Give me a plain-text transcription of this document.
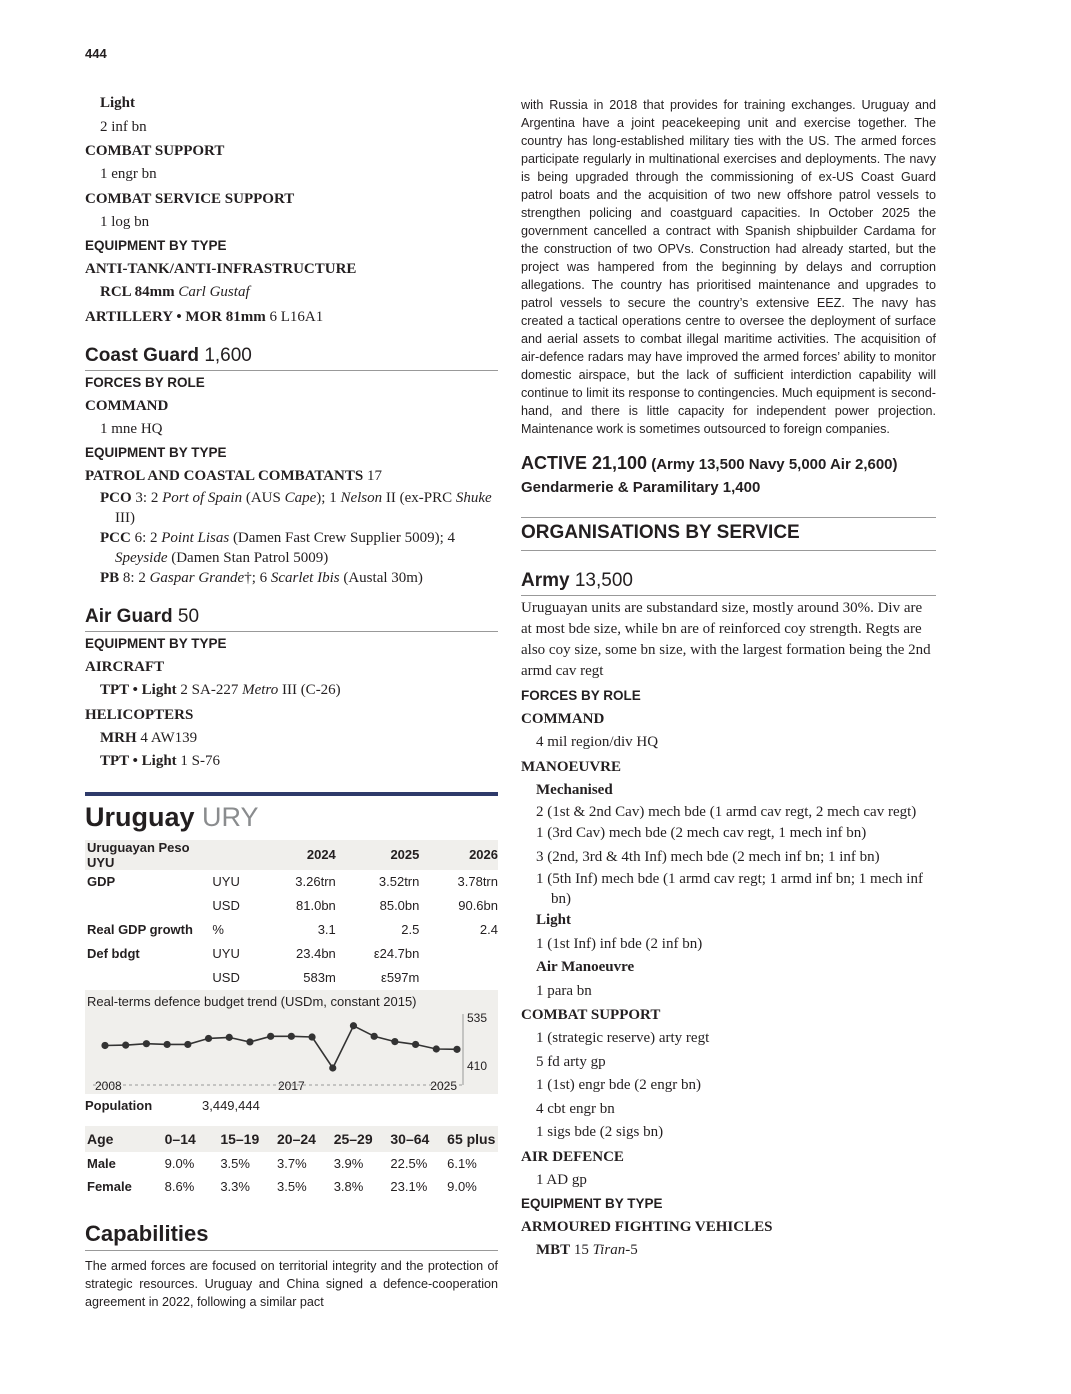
444
Light
2 inf bn
COMBAT SUPPORT
1 engr bn
COMBAT SERVICE SUPPORT
1 log bn
EQUIPMENT BY TYPE
ANTI-TANK/ANTI-INFRASTRUCTURE
RCL 84mm Carl Gustaf
ARTILLERY • MOR 81mm 6 L16A1
Coast Guard 1,600
FORCES BY ROLE
COMMAND
1 mne HQ
EQUIPMENT BY TYPE
PATROL AND COASTAL COMBATANTS 17
PCO 3: 2 Port of Spain (AUS Cape); 1 Nelson II (ex-PRC Shuke III)
PCC 6: 2 Point Lisas (Damen Fast Crew Supplier 5009); 4 Speyside (Damen Stan Patrol 5009)
PB 8: 2 Gaspar Grande†; 6 Scarlet Ibis (Austal 30m)
Air Guard 50
EQUIPMENT BY TYPE
AIRCRAFT
TPT • Light 2 SA-227 Metro III (C-26)
HELICOPTERS
MRH 4 AW139
TPT • Light 1 S-76
Uruguay URY
Uruguayan Peso UYU		2024	2025	2026
GDP	UYU	3.26trn	3.52trn	3.78trn
	USD	81.0bn	85.0bn	90.6bn
Real GDP growth	%	3.1	2.5	2.4
Def bdgt	UYU	23.4bn	ε24.7bn	
	USD	583m	ε597m	
Real-terms defence budget trend (USDm, constant 2015)
2008	2017	2025
535
410
Population	3,449,444
Age	0–14	15–19	20–24	25–29	30–64	65 plus
Male	9.0%	3.5%	3.7%	3.9%	22.5%	6.1%
Female	8.6%	3.3%	3.5%	3.8%	23.1%	9.0%
Capabilities
The armed forces are focused on territorial integrity and the protection of strategic resources. Uruguay and China signed a defence-cooperation agreement in 2022, following a similar pact
with Russia in 2018 that provides for training exchanges. Uruguay and Argentina have a joint peacekeeping unit and exercise together. The country has long-established military ties with the US. The armed forces participate regularly in multinational exercises and deployments. The navy is being upgraded through the commissioning of ex-US Coast Guard patrol boats and the acquisition of two new offshore patrol vessels to strengthen policing and coastguard capacities. In October 2025 the government cancelled a contract with Spanish shipbuilder Cardama for the construction of two OPVs. Construction had already started, but the project was hampered from the beginning by delays and corruption allegations. The country has prioritised maintenance and upgrades to patrol vessels to secure the country’s extensive EEZ. The navy has created a tactical operations centre to oversee the deployment of surface and aerial assets to combat illegal maritime activities. The acquisition of air-defence radars may have improved the armed forces’ ability to monitor domestic airspace, but the lack of sufficient interdiction capability will continue to limit its response to contingencies. Much equipment is second-hand, and there is little capacity for independent power projection. Maintenance work is sometimes outsourced to foreign companies.
ACTIVE 21,100 (Army 13,500 Navy 5,000 Air 2,600)
Gendarmerie & Paramilitary 1,400
ORGANISATIONS BY SERVICE
Army 13,500
Uruguayan units are substandard size, mostly around 30%. Div are at most bde size, while bn are of reinforced coy strength. Regts are also coy size, some bn size, with the largest formation being the 2nd armd cav regt
FORCES BY ROLE
COMMAND
4 mil region/div HQ
MANOEUVRE
Mechanised
2 (1st & 2nd Cav) mech bde (1 armd cav regt, 2 mech cav regt)
1 (3rd Cav) mech bde (2 mech cav regt, 1 mech inf bn)
3 (2nd, 3rd & 4th Inf) mech bde (2 mech inf bn; 1 inf bn)
1 (5th Inf) mech bde (1 armd cav regt; 1 armd inf bn; 1 mech inf bn)
Light
1 (1st Inf) inf bde (2 inf bn)
Air Manoeuvre
1 para bn
COMBAT SUPPORT
1 (strategic reserve) arty regt
5 fd arty gp
1 (1st) engr bde (2 engr bn)
4 cbt engr bn
1 sigs bde (2 sigs bn)
AIR DEFENCE
1 AD gp
EQUIPMENT BY TYPE
ARMOURED FIGHTING VEHICLES
MBT 15 Tiran-5
